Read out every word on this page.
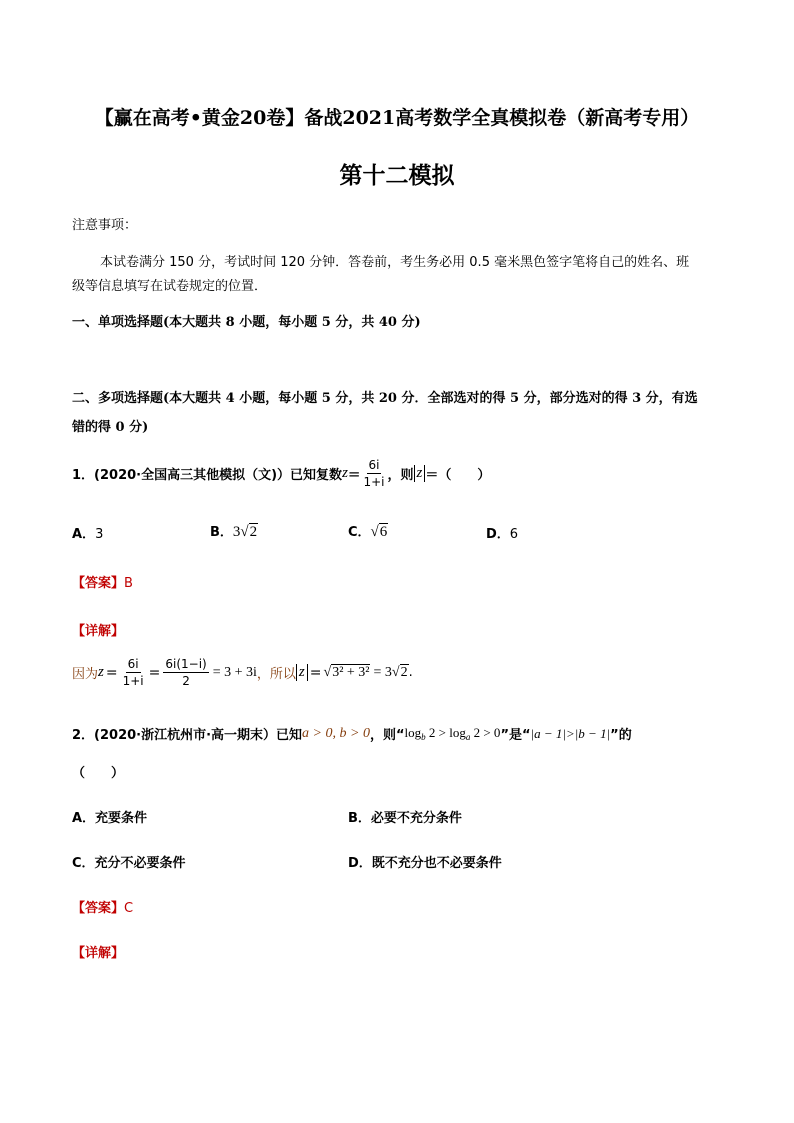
【赢在高考•黄金20卷】备战2021高考数学全真模拟卷（新高考专用）
第十二模拟
注意事项：
本试卷满分 150 分，考试时间 120 分钟．答卷前，考生务必用 0.5 毫米黑色签字笔将自己的姓名、班
级等信息填写在试卷规定的位置．
一、单项选择题(本大题共 8 小题，每小题 5 分，共 40 分)
二、多项选择题(本大题共 4 小题，每小题 5 分，共 20 分．全部选对的得 5 分，部分选对的得 3 分，有选
错的得 0 分)
1．(2020·全国高三其他模拟（文)）已知复数 $z = \frac{6i}{1+i}$ ，则 z ＝（　　）
A．3	B．3√2	C．√6	D．6
【答案】B
【详解】
因为 $z = \frac{6i}{1+i} = \frac{6i(1-i)}{2} = 3 + 3i$ ，所以 z = √3² + 3² = 3 √2 .
2．(2020·浙江杭州市·高一期末）已知 a > 0, b > 0 ，则“ $\log_b 2 > \log_a 2 > 0$ ”是“ |a − 1|>|b − 1| ”的
（　　）
A．充要条件	B．必要不充分条件
C．充分不必要条件	D．既不充分也不必要条件
【答案】C
【详解】
